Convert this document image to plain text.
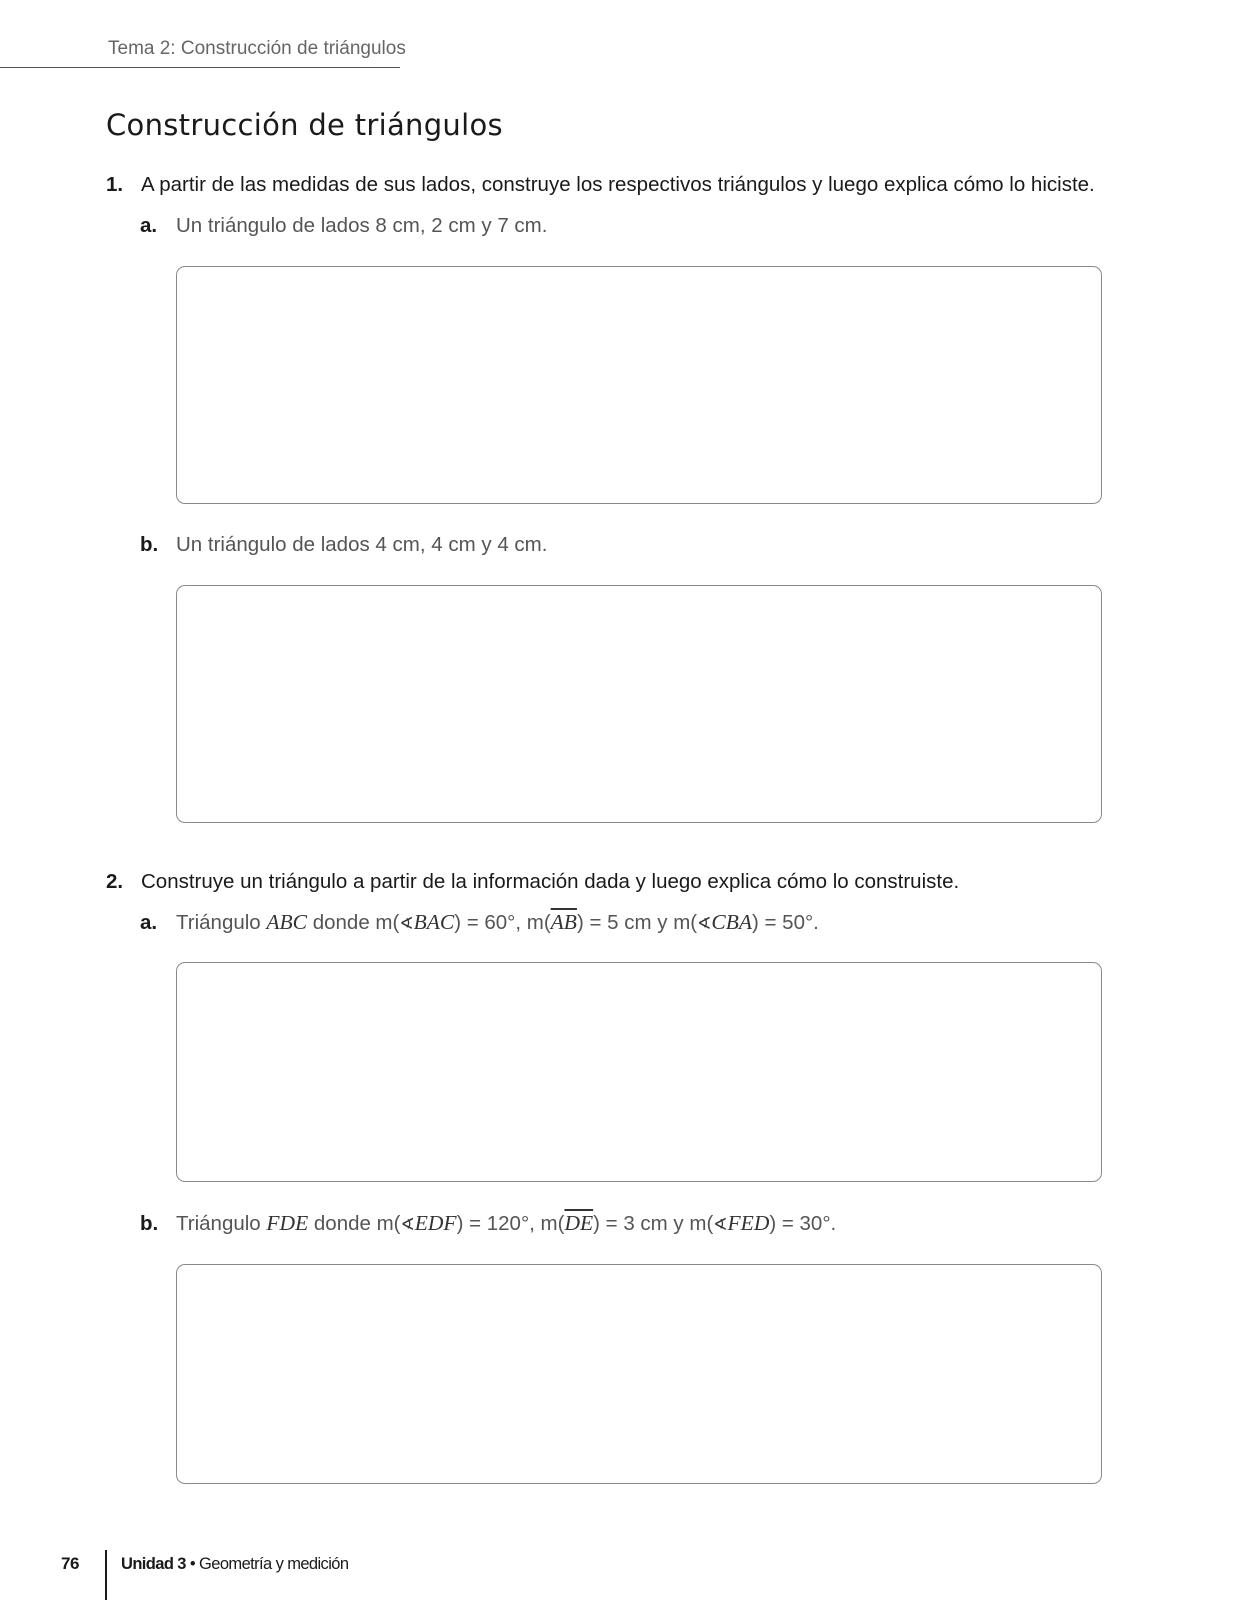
Tema 2: Construcción de triángulos
Construcción de triángulos
1. A partir de las medidas de sus lados, construye los respectivos triángulos y luego explica cómo lo hiciste.
a. Un triángulo de lados 8 cm, 2 cm y 7 cm.
b. Un triángulo de lados 4 cm, 4 cm y 4 cm.
2. Construye un triángulo a partir de la información dada y luego explica cómo lo construiste.
a. Triángulo ABC donde m(∢BAC) = 60°, $m(\overline{AB}) = 5$ cm y m(∢CBA) = 50°.
b. Triángulo FDE donde m(∢EDF) = 120°, $m(\overline{DE}) = 3$ cm y m(∢FED) = 30°.
76	Unidad 3 • Geometría y medición
